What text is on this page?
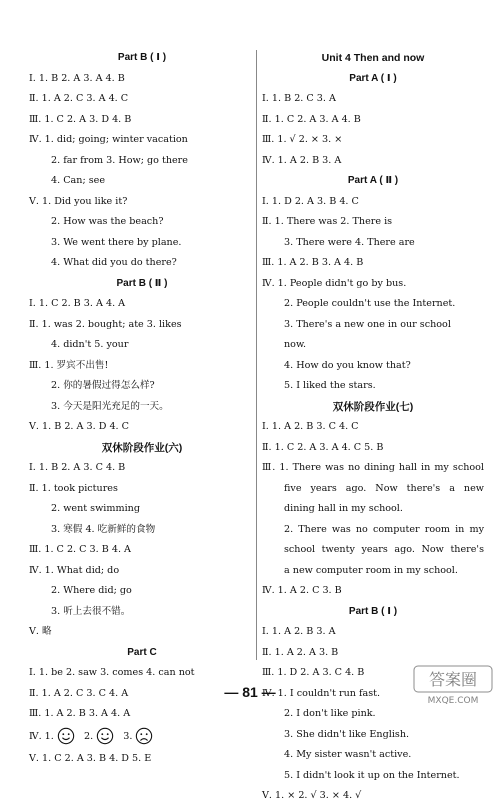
Part B ( Ⅰ )
Ⅰ. 1. B 2. A 3. A 4. B
Ⅱ. 1. A 2. C 3. A 4. C
Ⅲ. 1. C 2. A 3. D 4. B
Ⅳ. 1. did; going; winter vacation
2. far from 3. How; go there
4. Can; see
Ⅴ. 1. Did you like it?
2. How was the beach?
3. We went there by plane.
4. What did you do there?
Part B ( Ⅱ )
Ⅰ. 1. C 2. B 3. A 4. A
Ⅱ. 1. was 2. bought; ate 3. likes
4. didn't 5. your
Ⅲ. 1. 罗宾不出售!
2. 你的暑假过得怎么样?
3. 今天是阳光充足的一天。
Ⅴ. 1. B 2. A 3. D 4. C
双休阶段作业(六)
Ⅰ. 1. B 2. A 3. C 4. B
Ⅱ. 1. took pictures
2. went swimming
3. 寒假 4. 吃新鲜的食物
Ⅲ. 1. C 2. C 3. B 4. A
Ⅳ. 1. What did; do
2. Where did; go
3. 听上去很不错。
Ⅴ. 略
Part C
Ⅰ. 1. be 2. saw 3. comes 4. can not
Ⅱ. 1. A 2. C 3. C 4. A
Ⅲ. 1. A 2. B 3. A 4. A
Ⅳ. 1.	2.	3.
Ⅴ. 1. C 2. A 3. B 4. D 5. E
Unit 4 Then and now
Part A ( Ⅰ )
Ⅰ. 1. B 2. C 3. A
Ⅱ. 1. C 2. A 3. A 4. B
Ⅲ. 1. √ 2. × 3. ×
Ⅳ. 1. A 2. B 3. A
Part A ( Ⅱ )
Ⅰ. 1. D 2. A 3. B 4. C
Ⅱ. 1. There was 2. There is
3. There were 4. There are
Ⅲ. 1. A 2. B 3. A 4. B
Ⅳ. 1. People didn't go by bus.
2. People couldn't use the Internet.
3. There's a new one in our school
now.
4. How do you know that?
5. I liked the stars.
双休阶段作业(七)
Ⅰ. 1. A 2. B 3. C 4. C
Ⅱ. 1. C 2. A 3. A 4. C 5. B
Ⅲ. 1. There was no dining hall in my school
five years ago. Now there's a new
dining hall in my school.
2. There was no computer room in my
school twenty years ago. Now there's
a new computer room in my school.
Ⅳ. 1. A 2. C 3. B
Part B ( Ⅰ )
Ⅰ. 1. A 2. B 3. A
Ⅱ. 1. A 2. A 3. B
Ⅲ. 1. D 2. A 3. C 4. B
Ⅳ. 1. I couldn't run fast.
2. I don't like pink.
3. She didn't like English.
4. My sister wasn't active.
5. I didn't look it up on the Internet.
Ⅴ. 1. × 2. √ 3. × 4. √
— 81 —
答案圈
MXQE.COM
